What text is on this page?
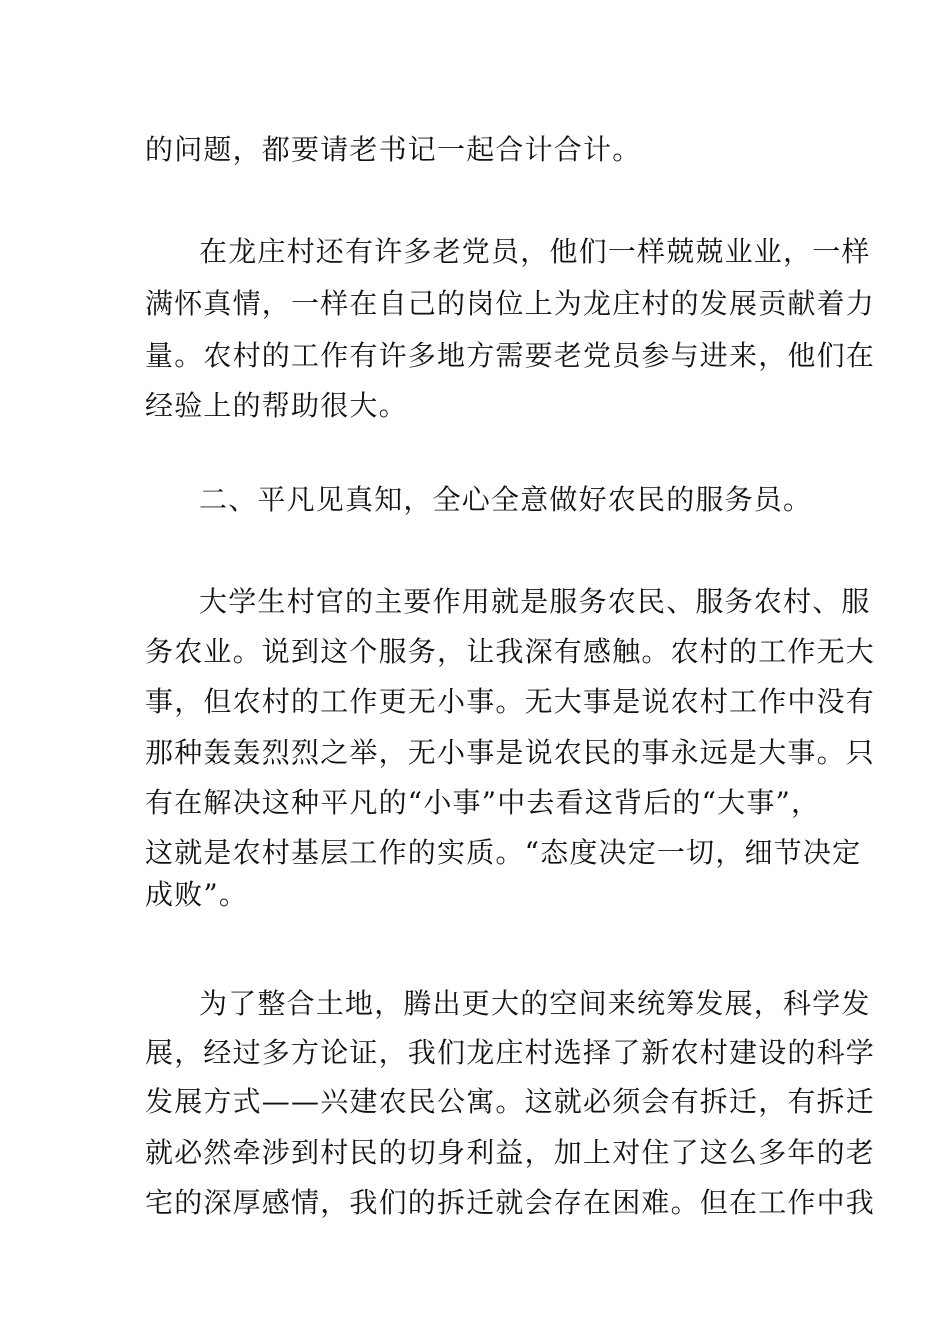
的问题，都要请老书记一起合计合计。

在龙庄村还有许多老党员，他们一样兢兢业业，一样

满怀真情，一样在自己的岗位上为龙庄村的发展贡献着力

量。农村的工作有许多地方需要老党员参与进来，他们在

经验上的帮助很大。

二、平凡见真知，全心全意做好农民的服务员。

大学生村官的主要作用就是服务农民、服务农村、服

务农业。说到这个服务，让我深有感触。农村的工作无大

事，但农村的工作更无小事。无大事是说农村工作中没有

那种轰轰烈烈之举，无小事是说农民的事永远是大事。只

有在解决这种平凡的“小事”中去看这背后的“大事”，

这就是农村基层工作的实质。“态度决定一切，细节决定

成败”。

为了整合土地，腾出更大的空间来统筹发展，科学发

展，经过多方论证，我们龙庄村选择了新农村建设的科学

发展方式——兴建农民公寓。这就必须会有拆迁，有拆迁

就必然牵涉到村民的切身利益，加上对住了这么多年的老

宅的深厚感情，我们的拆迁就会存在困难。但在工作中我
